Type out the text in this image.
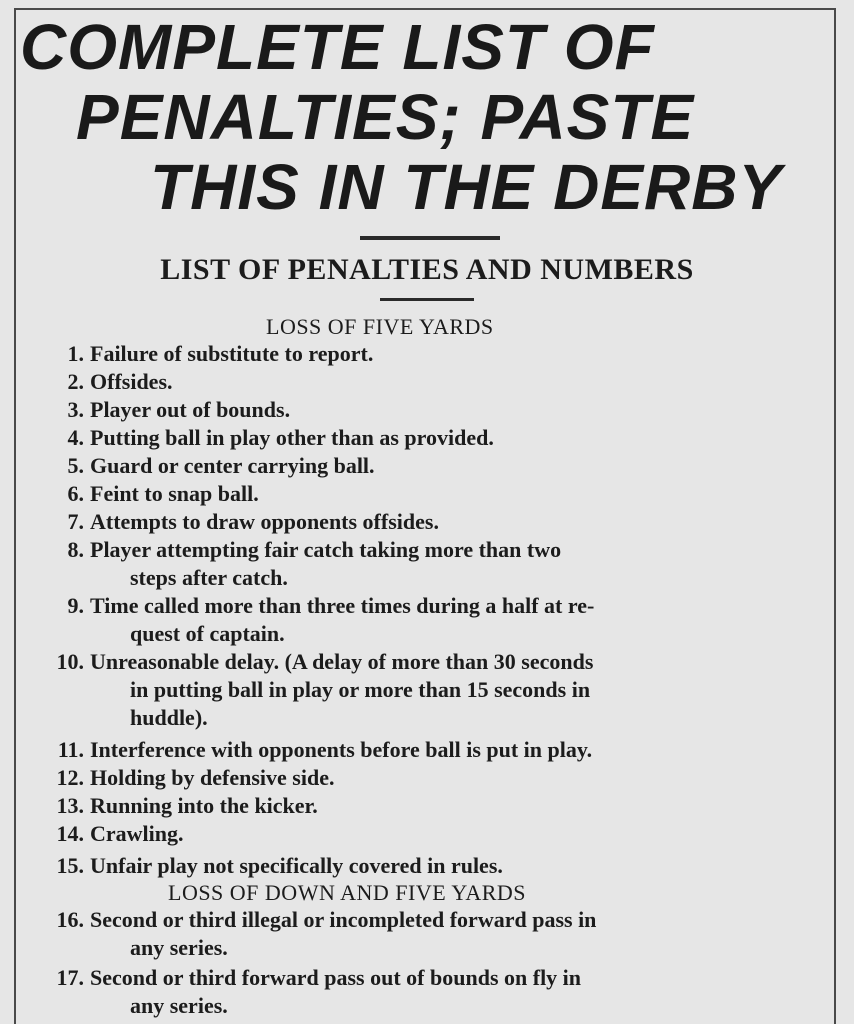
COMPLETE LIST OF
PENALTIES; PASTE
THIS IN THE DERBY
LIST OF PENALTIES AND NUMBERS
LOSS OF FIVE YARDS
1. Failure of substitute to report.
2. Offsides.
3. Player out of bounds.
4. Putting ball in play other than as provided.
5. Guard or center carrying ball.
6. Feint to snap ball.
7. Attempts to draw opponents offsides.
8. Player attempting fair catch taking more than two
steps after catch.
9. Time called more than three times during a half at re-
quest of captain.
10. Unreasonable delay. (A delay of more than 30 seconds
in putting ball in play or more than 15 seconds in
huddle).
11. Interference with opponents before ball is put in play.
12. Holding by defensive side.
13. Running into the kicker.
14. Crawling.
15. Unfair play not specifically covered in rules.
LOSS OF DOWN AND FIVE YARDS
16. Second or third illegal or incompleted forward pass in
any series.
17. Second or third forward pass out of bounds on fly in
any series.
